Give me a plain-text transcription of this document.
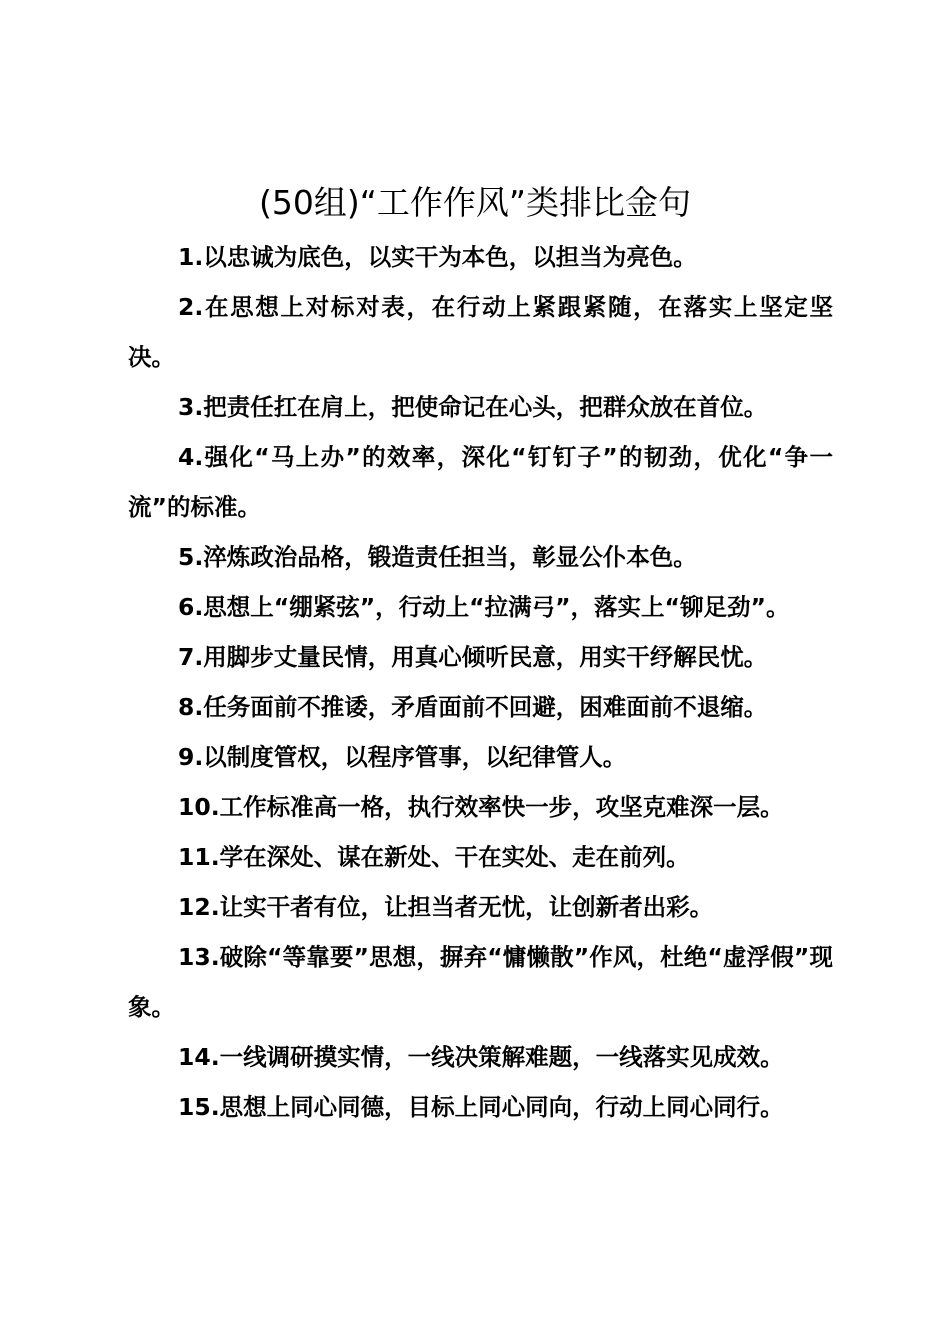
(50组)“工作作风”类排比金句

1.以忠诚为底色，以实干为本色，以担当为亮色。

2.在思想上对标对表，在行动上紧跟紧随，在落实上坚定坚决。

3.把责任扛在肩上，把使命记在心头，把群众放在首位。

4.强化“马上办”的效率，深化“钉钉子”的韧劲，优化“争一流”的标准。

5.淬炼政治品格，锻造责任担当，彰显公仆本色。

6.思想上“绷紧弦”，行动上“拉满弓”，落实上“铆足劲”。

7.用脚步丈量民情，用真心倾听民意，用实干纾解民忧。

8.任务面前不推诿，矛盾面前不回避，困难面前不退缩。

9.以制度管权，以程序管事，以纪律管人。

10.工作标准高一格，执行效率快一步，攻坚克难深一层。

11.学在深处、谋在新处、干在实处、走在前列。

12.让实干者有位，让担当者无忧，让创新者出彩。

13.破除“等靠要”思想，摒弃“慵懒散”作风，杜绝“虚浮假”现象。

14.一线调研摸实情，一线决策解难题，一线落实见成效。

15.思想上同心同德，目标上同心同向，行动上同心同行。
